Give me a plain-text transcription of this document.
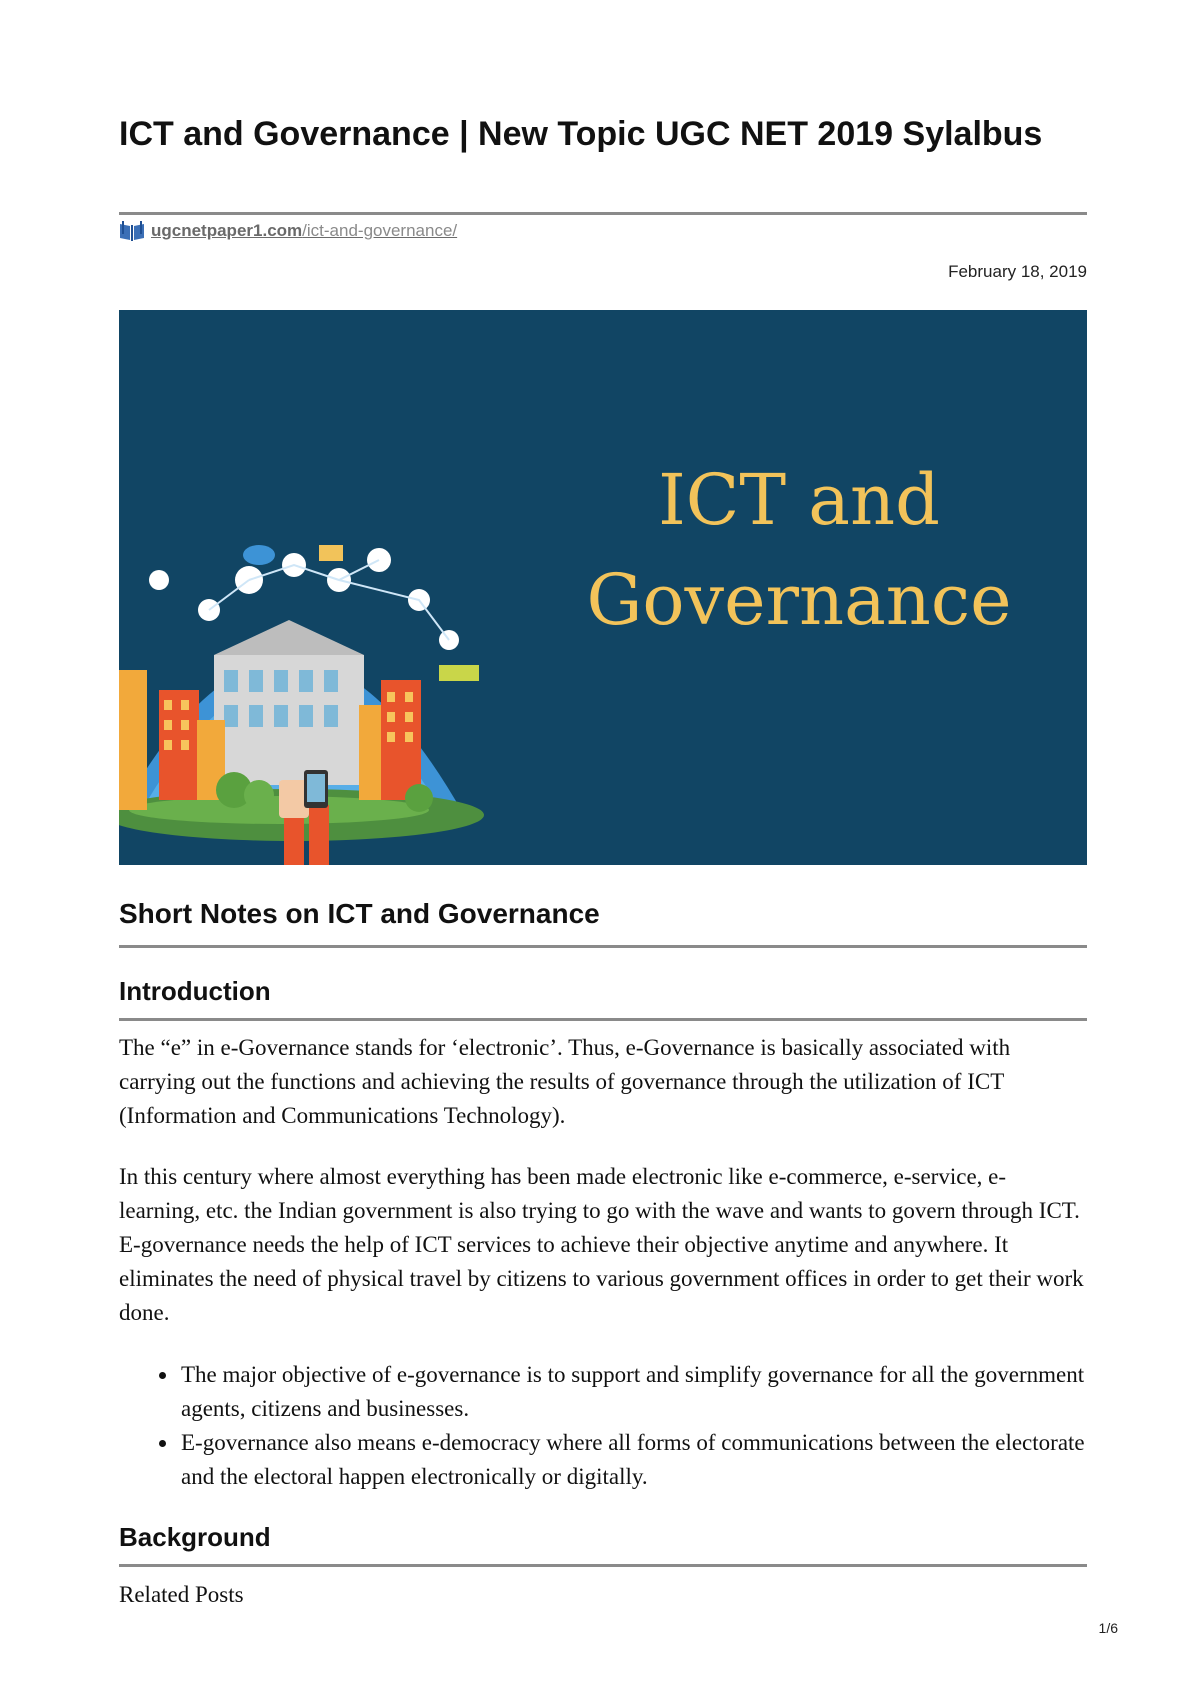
ICT and Governance | New Topic UGC NET 2019 Sylalbus
ugcnetpaper1.com/ict-and-governance/
February 18, 2019
ICT and
Governance
Short Notes on ICT and Governance
Introduction

The “e” in e-Governance stands for ‘electronic’. Thus, e-Governance is basically associated with carrying out the functions and achieving the results of governance through the utilization of ICT (Information and Communications Technology).

In this century where almost everything has been made electronic like e-commerce, e-service, e-learning, etc. the Indian government is also trying to go with the wave and wants to govern through ICT. E-governance needs the help of ICT services to achieve their objective anytime and anywhere. It eliminates the need of physical travel by citizens to various government offices in order to get their work done.

• The major objective of e-governance is to support and simplify governance for all the government agents, citizens and businesses.
• E-governance also means e-democracy where all forms of communications between the electorate and the electoral happen electronically or digitally.
Background

Related Posts

1/6
